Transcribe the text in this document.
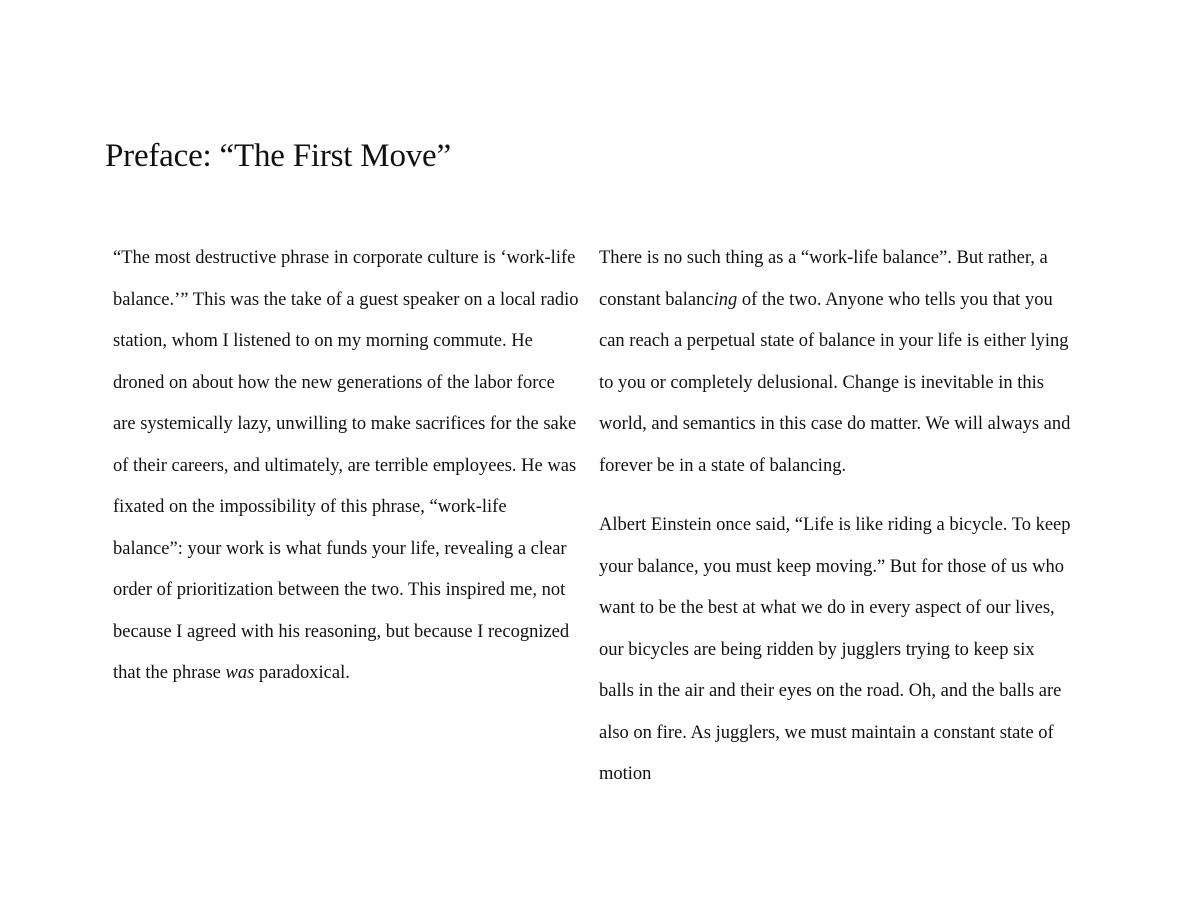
Preface: “The First Move”

“The most destructive phrase in corporate culture is ‘work-life balance.’” This was the take of a guest speaker on a local radio station, whom I listened to on my morning commute. He droned on about how the new generations of the labor force are systemically lazy, unwilling to make sacrifices for the sake of their careers, and ultimately, are terrible employees. He was fixated on the impossibility of this phrase, “work-life balance”: your work is what funds your life, revealing a clear order of prioritization between the two. This inspired me, not because I agreed with his reasoning, but because I recognized that the phrase was paradoxical.

There is no such thing as a “work-life balance”. But rather, a constant balancing of the two. Anyone who tells you that you can reach a perpetual state of balance in your life is either lying to you or completely delusional. Change is inevitable in this world, and semantics in this case do matter. We will always and forever be in a state of balancing.

Albert Einstein once said, “Life is like riding a bicycle. To keep your balance, you must keep moving.” But for those of us who want to be the best at what we do in every aspect of our lives, our bicycles are being ridden by jugglers trying to keep six balls in the air and their eyes on the road. Oh, and the balls are also on fire. As jugglers, we must maintain a constant state of motion
